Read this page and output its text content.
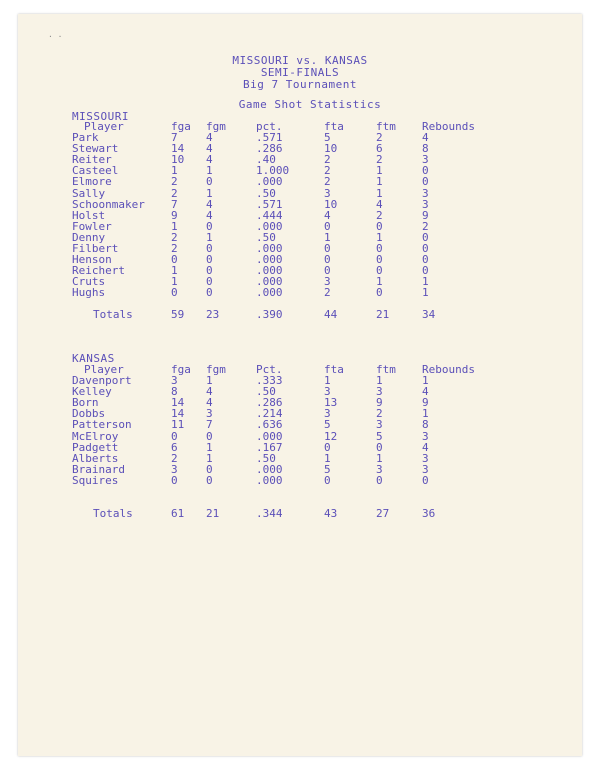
· ·
MISSOURI vs. KANSAS
SEMI-FINALS
Big 7 Tournament
Game Shot Statistics
MISSOURI
Player	fga fgm	pct.	fta	ftm Rebounds
Park	7	4	.571	5	2	4
Stewart	14 4	.286	10	6	8
Reiter	10 4	.40	2	2	3
Casteel	1	1	1.000	2	1	0
Elmore	2	0	.000	2	1	0
Sally	2	1	.50	3	1	3
Schoonmaker 7	4	.571	10	4	3
Holst	9	4	.444	4	2	9
Fowler	1	0	.000	0	0	2
Denny	2	1	.50	1	1	0
Filbert	2	0	.000	0	0	0
Henson	0	0	.000	0	0	0
Reichert	1	0	.000	0	0	0
Cruts	1	0	.000	3	1	1
Hughs	0	0	.000	2	0	1
Totals	59 23	.390	44	21	34
KANSAS
Player	fga fgm	Pct.	fta	ftm Rebounds
Davenport	3	1	.333	1	1	1
Kelley	8	4	.50	3	3	4
Born	14 4	.286	13	9	9
Dobbs	14 3	.214	3	2	1
Patterson	11 7	.636	5	3	8
McElroy	0	0	.000	12	5	3
Padgett	6	1	.167	0	0	4
Alberts	2	1	.50	1	1	3
Brainard	3	0	.000	5	3	3
Squires	0	0	.000	0	0	0
Totals	61 21	.344	43	27	36
